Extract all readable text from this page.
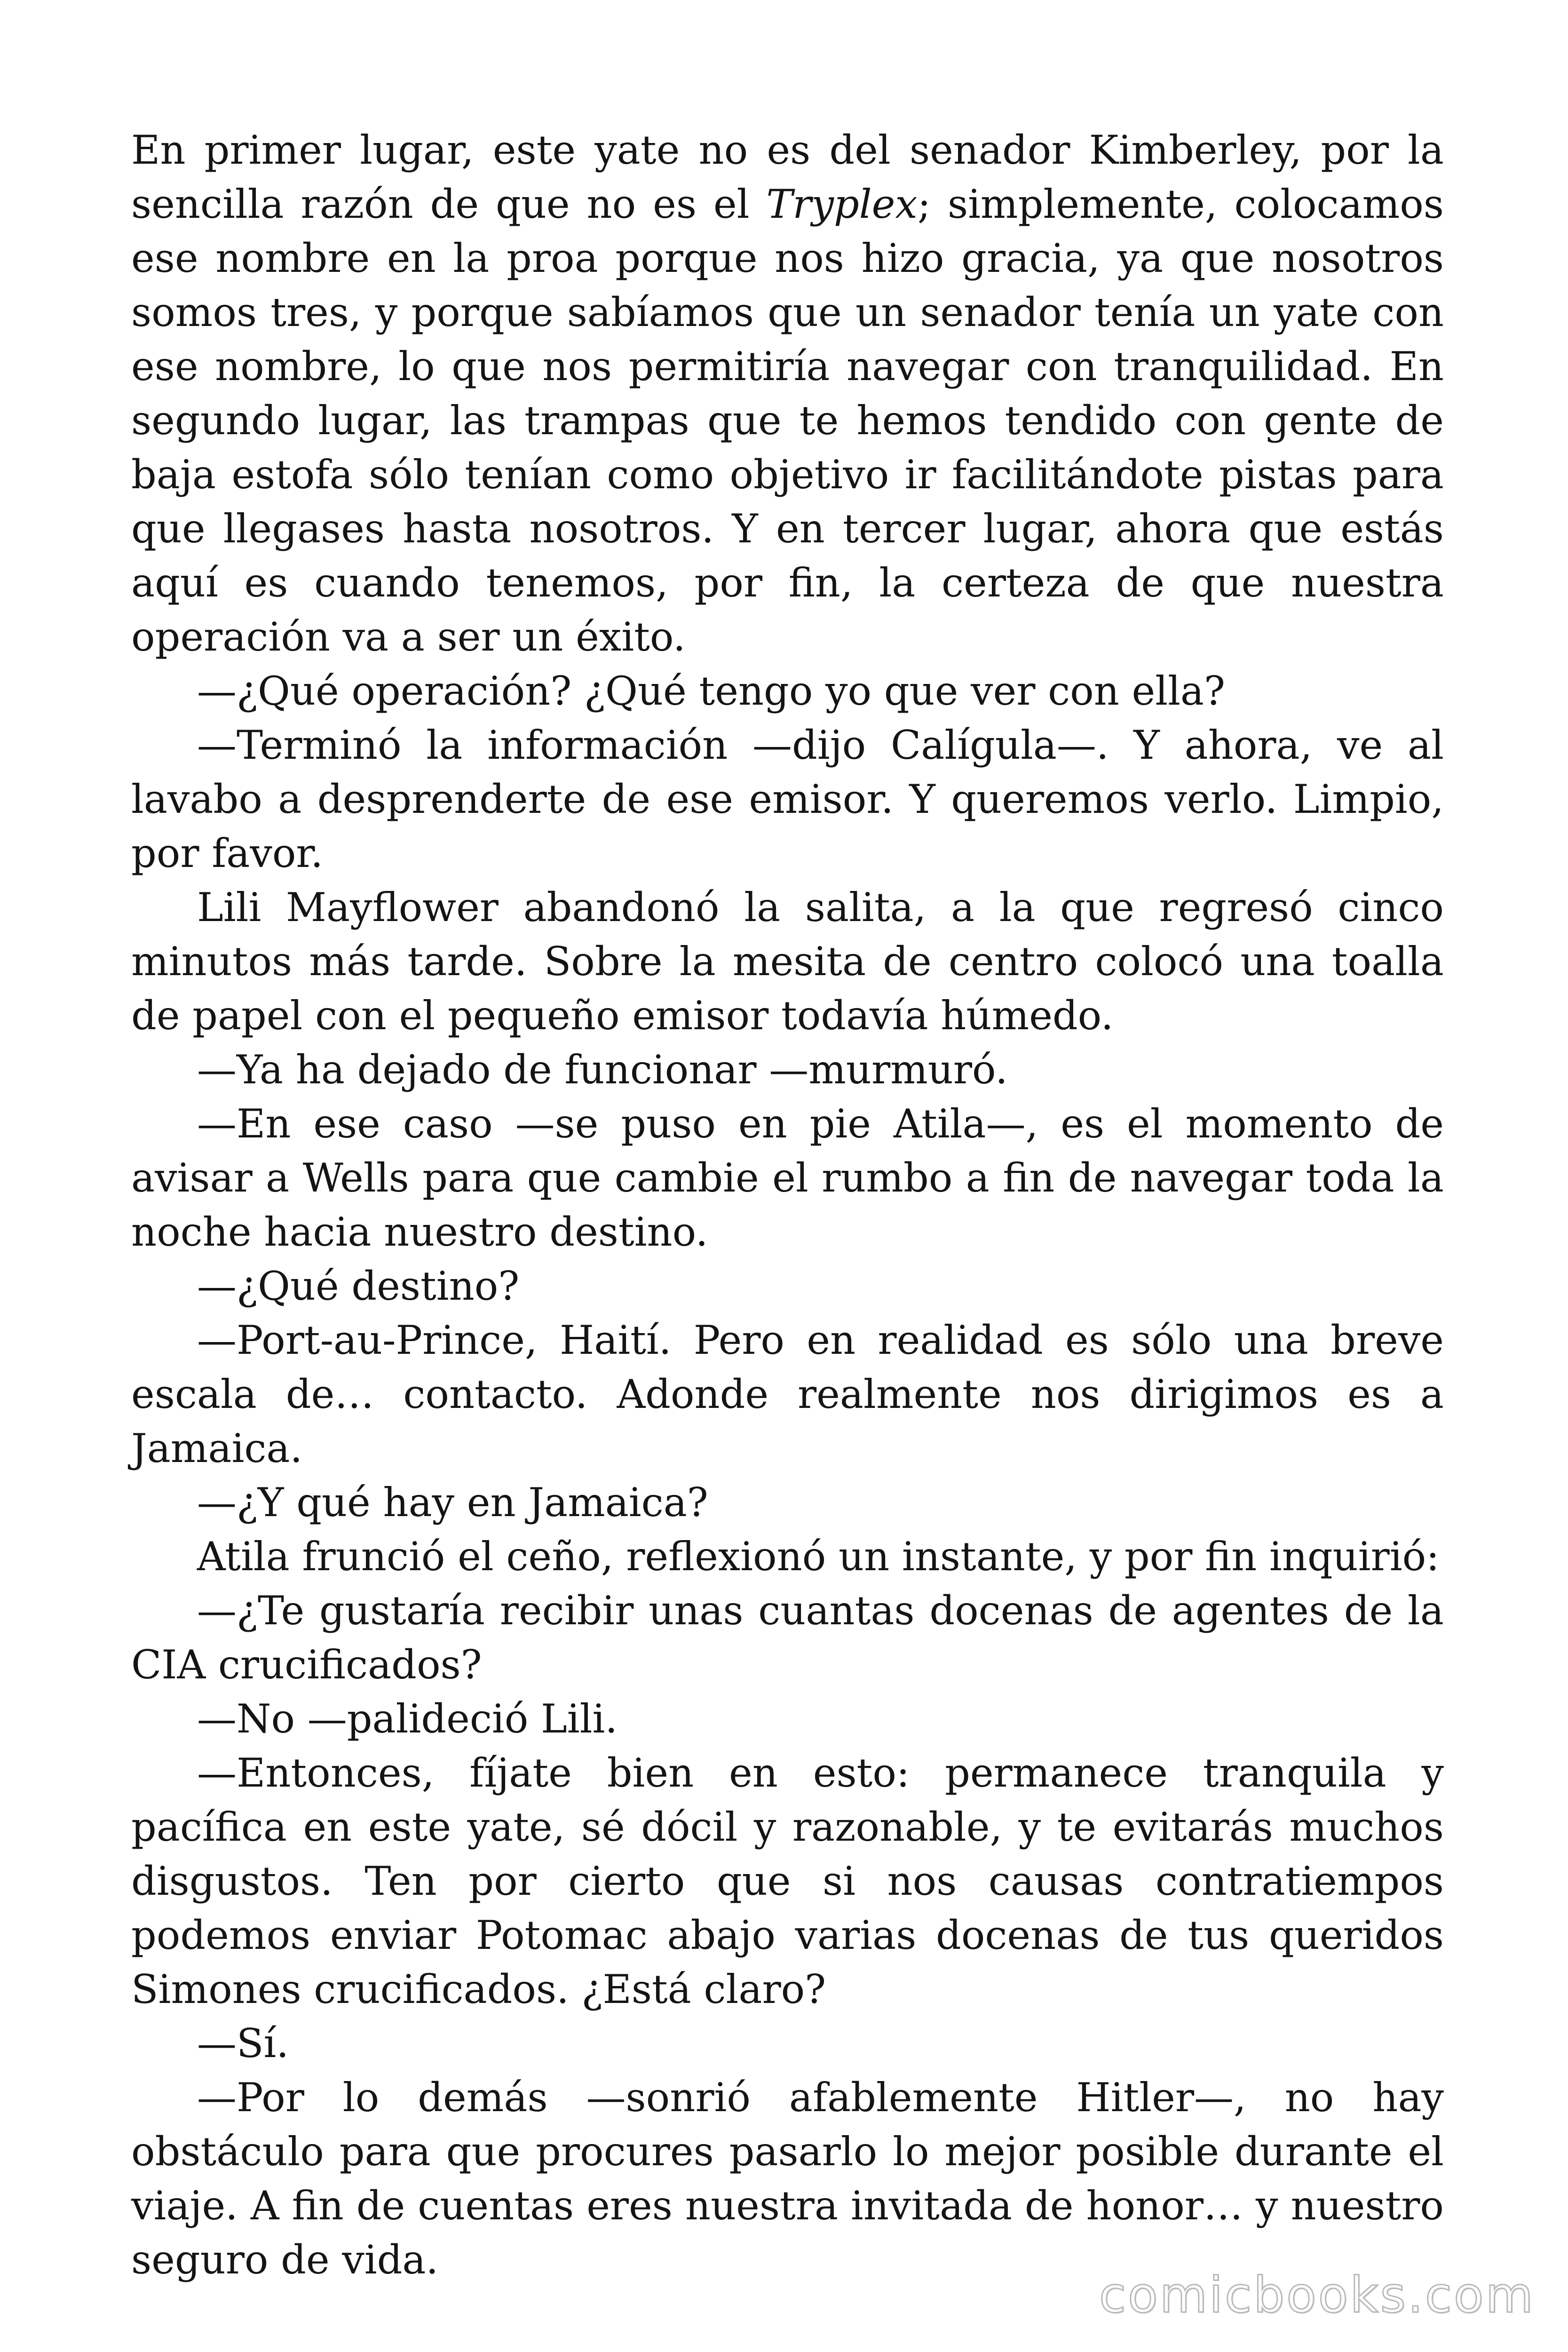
En primer lugar, este yate no es del senador Kimberley, por la sencilla razón de que no es el Tryplex; simplemente, colocamos ese nombre en la proa porque nos hizo gracia, ya que nosotros somos tres, y porque sabíamos que un senador tenía un yate con ese nombre, lo que nos permitiría navegar con tranquilidad. En segundo lugar, las trampas que te hemos tendido con gente de baja estofa sólo tenían como objetivo ir facilitándote pistas para que llegases hasta nosotros. Y en tercer lugar, ahora que estás aquí es cuando tenemos, por fin, la certeza de que nuestra operación va a ser un éxito.

—¿Qué operación? ¿Qué tengo yo que ver con ella?

—Terminó la información —dijo Calígula—. Y ahora, ve al lavabo a desprenderte de ese emisor. Y queremos verlo. Limpio, por favor.

Lili Mayflower abandonó la salita, a la que regresó cinco minutos más tarde. Sobre la mesita de centro colocó una toalla de papel con el pequeño emisor todavía húmedo.

—Ya ha dejado de funcionar —murmuró.

—En ese caso —se puso en pie Atila—, es el momento de avisar a Wells para que cambie el rumbo a fin de navegar toda la noche hacia nuestro destino.

—¿Qué destino?

—Port-au-Prince, Haití. Pero en realidad es sólo una breve escala de… contacto. Adonde realmente nos dirigimos es a Jamaica.

—¿Y qué hay en Jamaica?

Atila frunció el ceño, reflexionó un instante, y por fin inquirió:

—¿Te gustaría recibir unas cuantas docenas de agentes de la CIA crucificados?

—No —palideció Lili.

—Entonces, fíjate bien en esto: permanece tranquila y pacífica en este yate, sé dócil y razonable, y te evitarás muchos disgustos. Ten por cierto que si nos causas contratiempos podemos enviar Potomac abajo varias docenas de tus queridos Simones crucificados. ¿Está claro?

—Sí.

—Por lo demás —sonrió afablemente Hitler—, no hay obstáculo para que procures pasarlo lo mejor posible durante el viaje. A fin de cuentas eres nuestra invitada de honor… y nuestro seguro de vida.

comicbooks.com
